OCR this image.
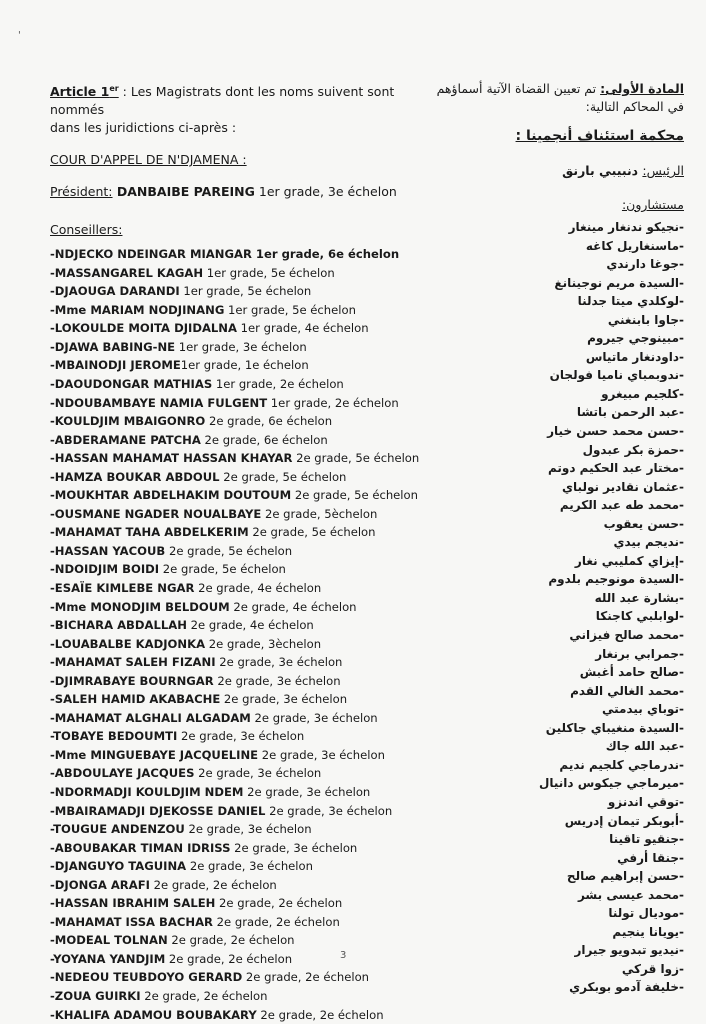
'
Article 1er : Les Magistrats dont les noms suivent sont nommés
dans les juridictions ci-après :
COUR D'APPEL DE N'DJAMENA :
Président: DANBAIBE PAREING 1er grade, 3e échelon
Conseillers:
-NDJECKO NDEINGAR MIANGAR 1er grade, 6e échelon
-MASSANGAREL KAGAH 1er grade, 5e échelon
-DJAOUGA DARANDI 1er grade, 5e échelon
-Mme MARIAM NODJINANG 1er grade, 5e échelon
-LOKOULDE MOITA DJIDALNA 1er grade, 4e échelon
-DJAWA BABING-NE 1er grade, 3e échelon
-MBAINODJI JEROME1er grade, 1e échelon
-DAOUDONGAR MATHIAS 1er grade, 2e échelon
-NDOUBAMBAYE NAMIA FULGENT 1er grade, 2e échelon
-KOULDJIM MBAIGONRO 2e grade, 6e échelon
-ABDERAMANE PATCHA 2e grade, 6e échelon
-HASSAN MAHAMAT HASSAN KHAYAR 2e grade, 5e échelon
-HAMZA BOUKAR ABDOUL 2e grade, 5e échelon
-MOUKHTAR ABDELHAKIM DOUTOUM 2e grade, 5e échelon
-OUSMANE NGADER NOUALBAYE 2e grade, 5èchelon
-MAHAMAT TAHA ABDELKERIM 2e grade, 5e échelon
-HASSAN YACOUB 2e grade, 5e échelon
-NDOIDJIM BOIDI 2e grade, 5e échelon
-ESAÏE KIMLEBE NGAR 2e grade, 4e échelon
-Mme MONODJIM BELDOUM 2e grade, 4e échelon
-BICHARA ABDALLAH 2e grade, 4e échelon
-LOUABALBE KADJONKA 2e grade, 3èchelon
-MAHAMAT SALEH FIZANI 2e grade, 3e échelon
-DJIMRABAYE BOURNGAR 2e grade, 3e échelon
-SALEH HAMID AKABACHE 2e grade, 3e échelon
-MAHAMAT ALGHALI ALGADAM 2e grade, 3e échelon
-TOBAYE BEDOUMTI 2e grade, 3e échelon
-Mme MINGUEBAYE JACQUELINE 2e grade, 3e échelon
-ABDOULAYE JACQUES 2e grade, 3e échelon
-NDORMADJI KOULDJIM NDEM 2e grade, 3e échelon
-MBAIRAMADJI DJEKOSSE DANIEL 2e grade, 3e échelon
-TOUGUE ANDENZOU 2e grade, 3e échelon
-ABOUBAKAR TIMAN IDRISS 2e grade, 3e échelon
-DJANGUYO TAGUINA 2e grade, 3e échelon
-DJONGA ARAFI 2e grade, 2e échelon
-HASSAN IBRAHIM SALEH 2e grade, 2e échelon
-MAHAMAT ISSA BACHAR 2e grade, 2e échelon
-MODEAL TOLNAN 2e grade, 2e échelon
-YOYANA YANDJIM 2e grade, 2e échelon
-NEDEOU TEUBDOYO GERARD 2e grade, 2e échelon
-ZOUA GUIRKI 2e grade, 2e échelon
-KHALIFA ADAMOU BOUBAKARY 2e grade, 2e échelon
المادة الأولى: تم تعيين القضاة الآتية أسماؤهم
في المحاكم التالية:
محكمة استئناف أنجمينا :
الرئيس: دنبيبي بارنق
مستشارون:
-نجيكو ندنغار مينغار
-ماسنغاريل كاغه
-جوغا دارندي
-السيدة مريم نوجينانغ
-لوكلدي ميتا جدلنا
-جاوا بابنغني
-مبينوجي جيروم
-داودنغار ماتياس
-ندوبمباي ناميا فولجان
-كلجيم مبيغرو
-عبد الرحمن باتشا
-حسن محمد حسن خيار
-حمزة بكر عبدول
-مختار عبد الحكيم دوتم
-عثمان نقادير نولباي
-محمد طه عبد الكريم
-حسن يعقوب
-نديجم بيدي
-إيزاي كمليبي نغار
-السيدة مونوجيم بلدوم
-بشارة عبد الله
-لوابلبي كاجنكا
-محمد صالح فيزاني
-جمرابي برنغار
-صالح حامد أغبش
-محمد الغالي القدم
-توباي بيدمتي
-السيدة منغيباي جاكلين
-عبد الله جاك
-ندرماجي كلجيم نديم
-ميرماجي جيكوس دانيال
-توقي اندنزو
-أبوبكر تيمان إدريس
-جنقيو تاقينا
-جنقا أرفي
-حسن إبراهيم صالح
-محمد عيسى بشر
-موديال تولنا
-يويانا ينجيم
-نيديو تبدويو جيرار
-زوا قركي
-خليفة آدمو بوبكري
3
